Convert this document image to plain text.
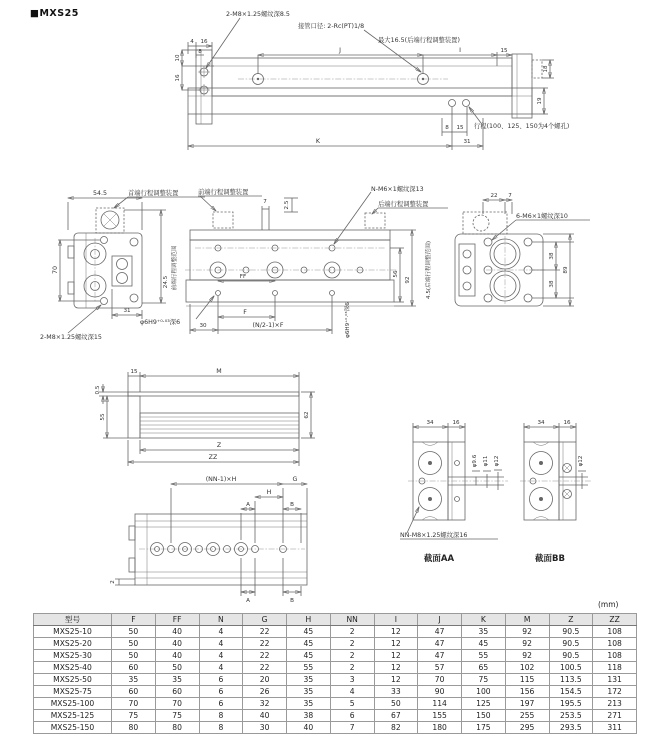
■MXS25	2-M8×1.25螺纹深8.5
接管口径: 2-Rc(PT)1/8
最大16.5(后端行程调整装置)
行程(100、125、150为4个螺孔)
4 16
8	J	I	15
10
16
18
19
8 15
K	31
54.5	首端行程调整装置
70
31
2-M8×1.25螺纹深15
24.5 前端行程调整范围
前端行程调整装置
7	2.5
N-M6×1螺纹深13
后端行程调整装置
FF
F
30	(N/2-1)×F
φ6H9⁺⁰·⁰³深6	φ6H9⁺⁰·⁰³深6
56
92	4.5(后端行程调整范围)
22 7
6-M6×1螺纹深10
38
38
89
15	M
0.5
55
Z
ZZ
62
(NN-1)×H	G
H
A	B
A	B
2
34	16
φ9.6 φ11 φ12
NN-M8×1.25螺纹深16
截面AA
34	16
φ12
截面BB
(mm)
型号	F	FF	N	G	H	NN	I	J	K	M	Z	ZZ
MXS25-10	50	40	4	22	45	2	12	47	35	92	90.5	108
MXS25-20	50	40	4	22	45	2	12	47	45	92	90.5	108
MXS25-30	50	40	4	22	45	2	12	47	55	92	90.5	108
MXS25-40	60	50	4	22	55	2	12	57	65	102	100.5	118
MXS25-50	35	35	6	20	35	3	12	70	75	115	113.5	131
MXS25-75	60	60	6	26	35	4	33	90	100	156	154.5	172
MXS25-100	70	70	6	32	35	5	50	114	125	197	195.5	213
MXS25-125	75	75	8	40	38	6	67	155	150	255	253.5	271
MXS25-150	80	80	8	30	40	7	82	180	175	295	293.5	311
